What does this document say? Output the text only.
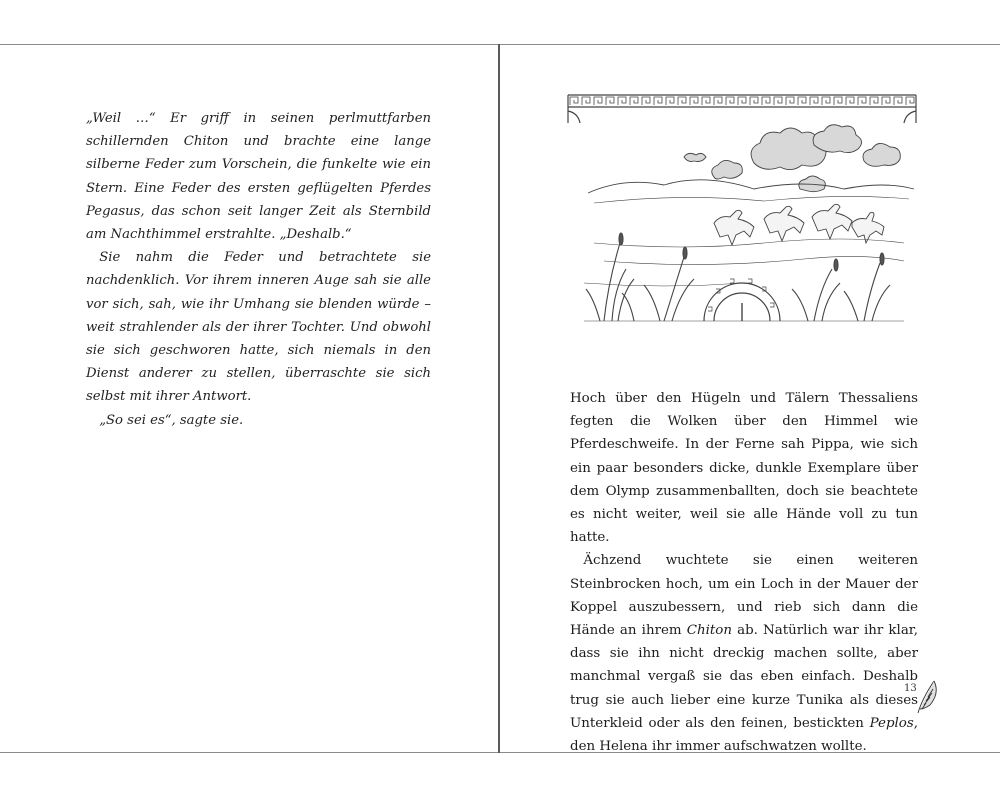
„Weil …“ Er griff in seinen perlmuttfarben schillernden Chiton und brachte eine lange silberne Feder zum Vorschein, die funkelte wie ein Stern. Eine Feder des ersten geflügelten Pferdes Pegasus, das schon seit langer Zeit als Sternbild am Nachthimmel erstrahlte. „Deshalb.“

Sie nahm die Feder und betrachtete sie nachdenklich. Vor ihrem inneren Auge sah sie alle vor sich, sah, wie ihr Umhang sie blenden würde – weit strahlender als der ihrer Tochter. Und obwohl sie sich geschworen hatte, sich niemals in den Dienst anderer zu stellen, überraschte sie sich selbst mit ihrer Antwort.

„So sei es“, sagte sie.

Hoch über den Hügeln und Tälern Thessaliens fegten die Wolken über den Himmel wie Pferdeschweife. In der Ferne sah Pippa, wie sich ein paar besonders dicke, dunkle Exemplare über dem Olymp zusammenballten, doch sie beachtete es nicht weiter, weil sie alle Hände voll zu tun hatte.

Ächzend wuchtete sie einen weiteren Steinbrocken hoch, um ein Loch in der Mauer der Koppel auszubessern, und rieb sich dann die Hände an ihrem Chiton ab. Natürlich war ihr klar, dass sie ihn nicht dreckig machen sollte, aber manchmal vergaß sie das eben einfach. Deshalb trug sie auch lieber eine kurze Tunika als dieses Unterkleid oder als den feinen, bestickten Peplos, den Helena ihr immer aufschwatzen wollte.

13
